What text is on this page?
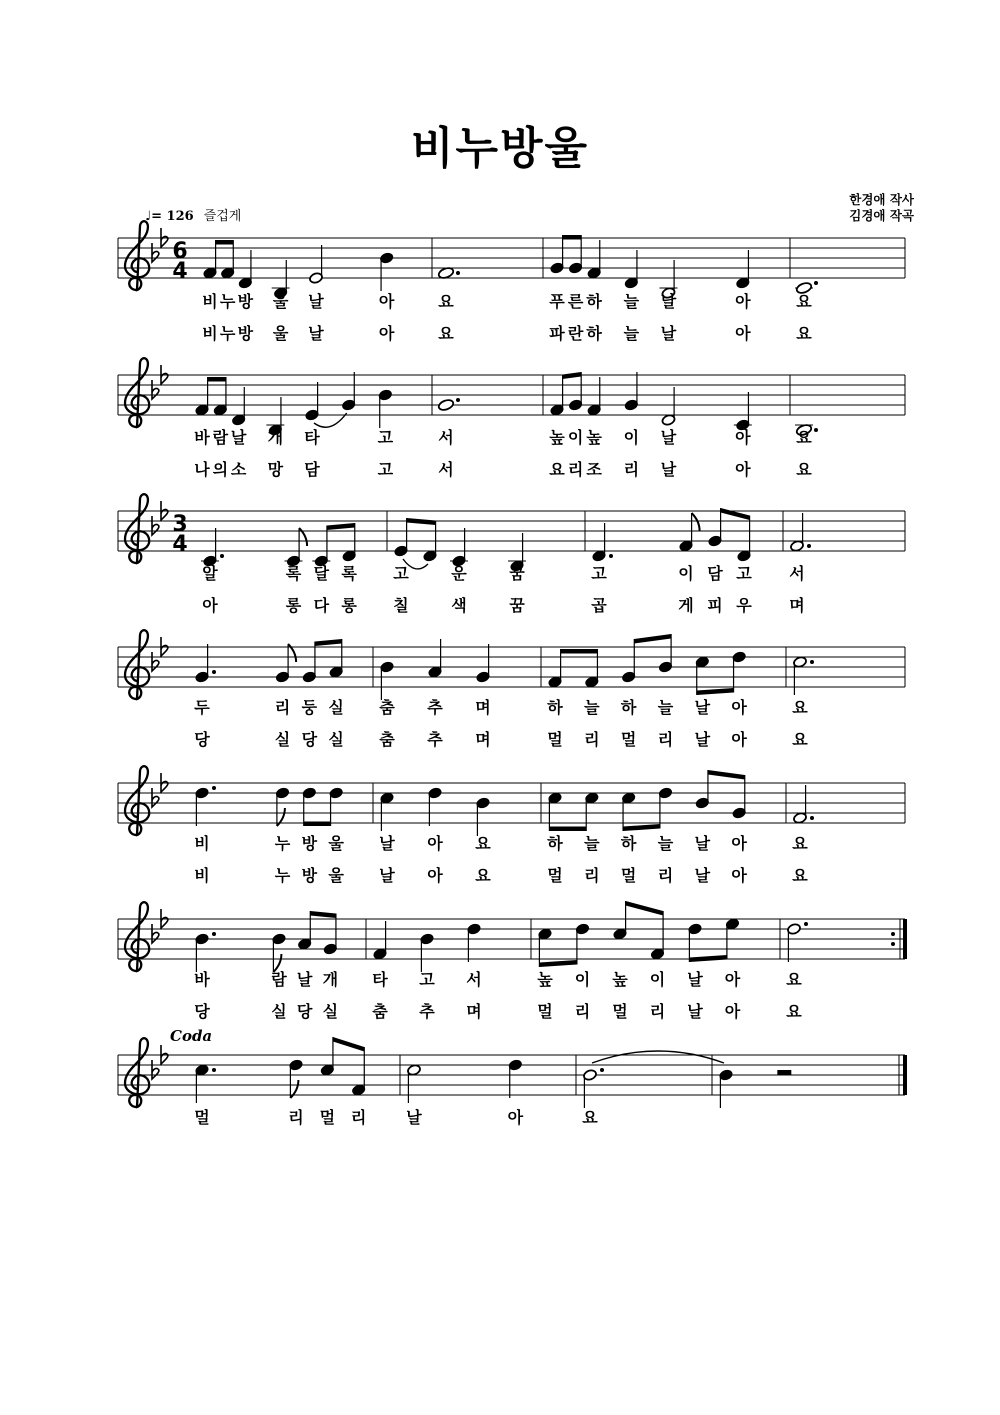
비누방울
한경애 작사
김경애 작곡
♩= 126 즐겁게
6
4
비 누 방 울 날	아	요	푸 른 하 늘 날	아	요
비 누 방 울 날	아	요	파 란 하 늘 날	아	요
바 람 날 개 타	고	서	높 이 높 이 날	아	요
나 의 소 망 담	고	서	요 리 조 리 날	아	요
3
4
알	록 달 록 고	운	꿈	고	이 담 고 서
아	롱 다 롱 칠	색	꿈	곱	게 피 우 며
두	리 둥 실 춤 추 며	하 늘 하 늘 날 아	요
당	실 당 실 춤 추 며	멀 리 멀 리 날 아	요
비	누 방 울 날 아 요	하 늘 하 늘 날 아	요
비	누 방 울 날 아 요	멀 리 멀 리 날 아	요
바	람 날 개 타 고 서	높 이 높 이 날 아	요
당	실 당 실 춤 추 며	멀 리 멀 리 날 아	요
Coda
멀	리 멀 리 날	아	요
